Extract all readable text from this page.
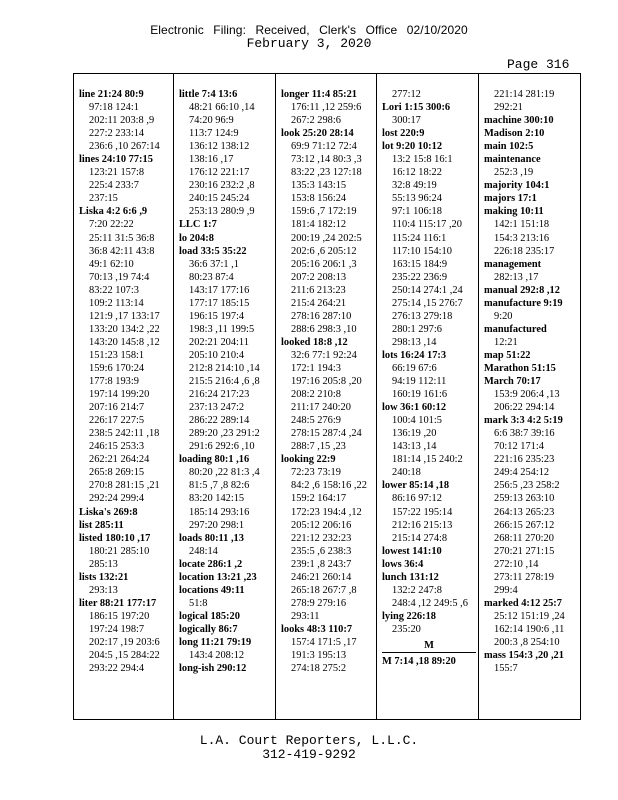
Electronic Filing: Received, Clerk's Office 02/10/2020
February 3, 2020
Page 316
line 21:24 80:9
97:18 124:1
202:11 203:8 ,9
227:2 233:14
236:6 ,10 267:14
lines 24:10 77:15
123:21 157:8
225:4 233:7
237:15
Liska 4:2 6:6 ,9
7:20 22:22
25:11 31:5 36:8
36:8 42:11 43:8
49:1 62:10
70:13 ,19 74:4
83:22 107:3
109:2 113:14
121:9 ,17 133:17
133:20 134:2 ,22
143:20 145:8 ,12
151:23 158:1
159:6 170:24
177:8 193:9
197:14 199:20
207:16 214:7
226:17 227:5
238:5 242:11 ,18
246:15 253:3
262:21 264:24
265:8 269:15
270:8 281:15 ,21
292:24 299:4
Liska's 269:8
list 285:11
listed 180:10 ,17
180:21 285:10
285:13
lists 132:21
293:13
liter 88:21 177:17
186:15 197:20
197:24 198:7
202:17 ,19 203:6
204:5 ,15 284:22
293:22 294:4
little 7:4 13:6
48:21 66:10 ,14
74:20 96:9
113:7 124:9
136:12 138:12
138:16 ,17
176:12 221:17
230:16 232:2 ,8
240:15 245:24
253:13 280:9 ,9
LLC 1:7
lo 204:8
load 33:5 35:22
36:6 37:1 ,1
80:23 87:4
143:17 177:16
177:17 185:15
196:15 197:4
198:3 ,11 199:5
202:21 204:11
205:10 210:4
212:8 214:10 ,14
215:5 216:4 ,6 ,8
216:24 217:23
237:13 247:2
286:22 289:14
289:20 ,23 291:2
291:6 292:6 ,10
loading 80:1 ,16
80:20 ,22 81:3 ,4
81:5 ,7 ,8 82:6
83:20 142:15
185:14 293:16
297:20 298:1
loads 80:11 ,13
248:14
locate 286:1 ,2
location 13:21 ,23
locations 49:11
51:8
logical 185:20
logically 86:7
long 11:21 79:19
143:4 208:12
long-ish 290:12
longer 11:4 85:21
176:11 ,12 259:6
267:2 298:6
look 25:20 28:14
69:9 71:12 72:4
73:12 ,14 80:3 ,3
83:22 ,23 127:18
135:3 143:15
153:8 156:24
159:6 ,7 172:19
181:4 182:12
200:19 ,24 202:5
202:6 ,6 205:12
205:16 206:1 ,3
207:2 208:13
211:6 213:23
215:4 264:21
278:16 287:10
288:6 298:3 ,10
looked 18:8 ,12
32:6 77:1 92:24
172:1 194:3
197:16 205:8 ,20
208:2 210:8
211:17 240:20
248:5 276:9
278:15 287:4 ,24
288:7 ,15 ,23
looking 22:9
72:23 73:19
84:2 ,6 158:16 ,22
159:2 164:17
172:23 194:4 ,12
205:12 206:16
221:12 232:23
235:5 ,6 238:3
239:1 ,8 243:7
246:21 260:14
265:18 267:7 ,8
278:9 279:16
293:11
looks 48:3 110:7
157:4 171:5 ,17
191:3 195:13
274:18 275:2
277:12
Lori 1:15 300:6
300:17
lost 220:9
lot 9:20 10:12
13:2 15:8 16:1
16:12 18:22
32:8 49:19
55:13 96:24
97:1 106:18
110:4 115:17 ,20
115:24 116:1
117:10 154:10
163:15 184:9
235:22 236:9
250:14 274:1 ,24
275:14 ,15 276:7
276:13 279:18
280:1 297:6
298:13 ,14
lots 16:24 17:3
66:19 67:6
94:19 112:11
160:19 161:6
low 36:1 60:12
100:4 101:5
136:19 ,20
143:13 ,14
181:14 ,15 240:2
240:18
lower 85:14 ,18
86:16 97:12
157:22 195:14
212:16 215:13
215:14 274:8
lowest 141:10
lows 36:4
lunch 131:12
132:2 247:8
248:4 ,12 249:5 ,6
lying 226:18
235:20
M
M 7:14 ,18 89:20
221:14 281:19
292:21
machine 300:10
Madison 2:10
main 102:5
maintenance
252:3 ,19
majority 104:1
majors 17:1
making 10:11
142:1 151:18
154:3 213:16
226:18 235:17
management
282:13 ,17
manual 292:8 ,12
manufacture 9:19
9:20
manufactured
12:21
map 51:22
Marathon 51:15
March 70:17
153:9 206:4 ,13
206:22 294:14
mark 3:3 4:2 5:19
6:6 38:7 39:16
70:12 171:4
221:16 235:23
249:4 254:12
256:5 ,23 258:2
259:13 263:10
264:13 265:23
266:15 267:12
268:11 270:20
270:21 271:15
272:10 ,14
273:11 278:19
299:4
marked 4:12 25:7
25:12 151:19 ,24
162:14 190:6 ,11
200:3 ,8 254:10
mass 154:3 ,20 ,21
155:7
L.A. Court Reporters, L.L.C.
312-419-9292
